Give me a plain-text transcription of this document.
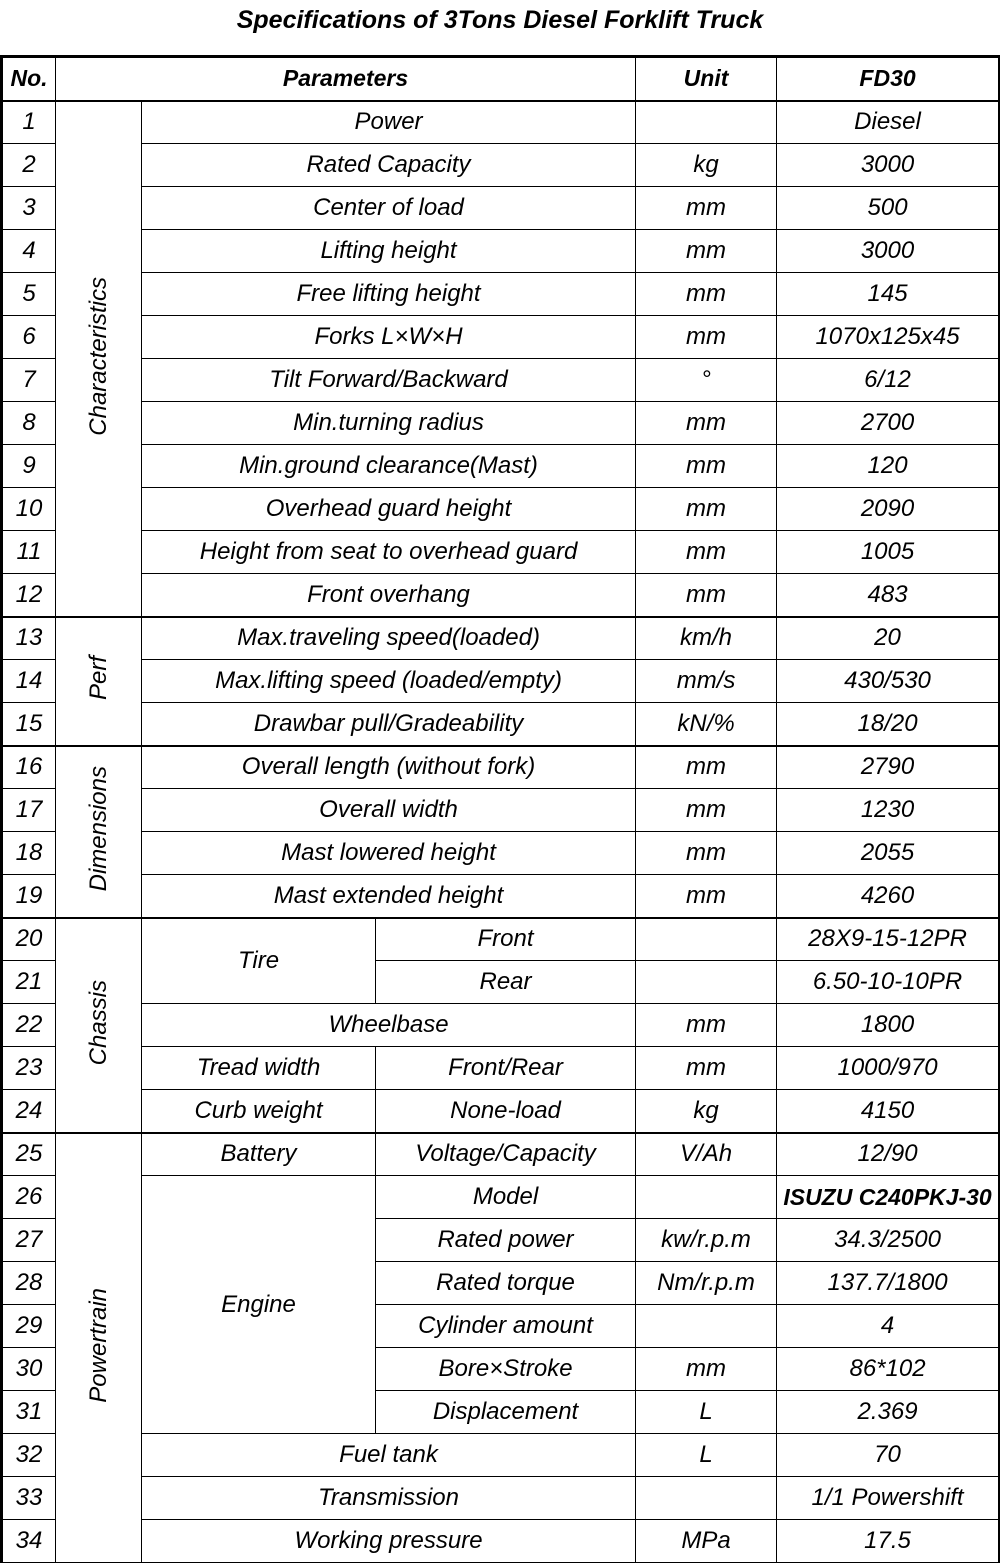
Specifications of 3Tons Diesel Forklift Truck
No.	Parameters			Unit	FD30
1	Characteristics	Power			Diesel
2		Rated Capacity		kg	3000
3		Center of load		mm	500
4		Lifting height		mm	3000
5		Free lifting height		mm	145
6		Forks L×W×H		mm	1070x125x45
7		Tilt Forward/Backward		°	6/12
8		Min.turning radius		mm	2700
9		Min.ground clearance(Mast)		mm	120
10		Overhead guard height		mm	2090
11		Height from seat to overhead guard		mm	1005
12		Front overhang		mm	483
13	Perf	Max.traveling speed(loaded)		km/h	20
14		Max.lifting speed (loaded/empty)		mm/s	430/530
15		Drawbar pull/Gradeability		kN/%	18/20
16	Dimensions	Overall length (without fork)		mm	2790
17		Overall width		mm	1230
18		Mast lowered height		mm	2055
19		Mast extended height		mm	4260
20	Chassis	Tire	Front		28X9-15-12PR
21			Rear		6.50-10-10PR
22		Wheelbase		mm	1800
23		Tread width	Front/Rear	mm	1000/970
24		Curb weight	None-load	kg	4150
25	Powertrain	Battery	Voltage/Capacity	V/Ah	12/90
26		Engine	Model		ISUZU C240PKJ-30
27			Rated power	kw/r.p.m	34.3/2500
28			Rated torque	Nm/r.p.m	137.7/1800
29			Cylinder amount		4
30			Bore×Stroke	mm	86*102
31			Displacement	L	2.369
32		Fuel tank		L	70
33		Transmission			1/1 Powershift
34		Working pressure		MPa	17.5
